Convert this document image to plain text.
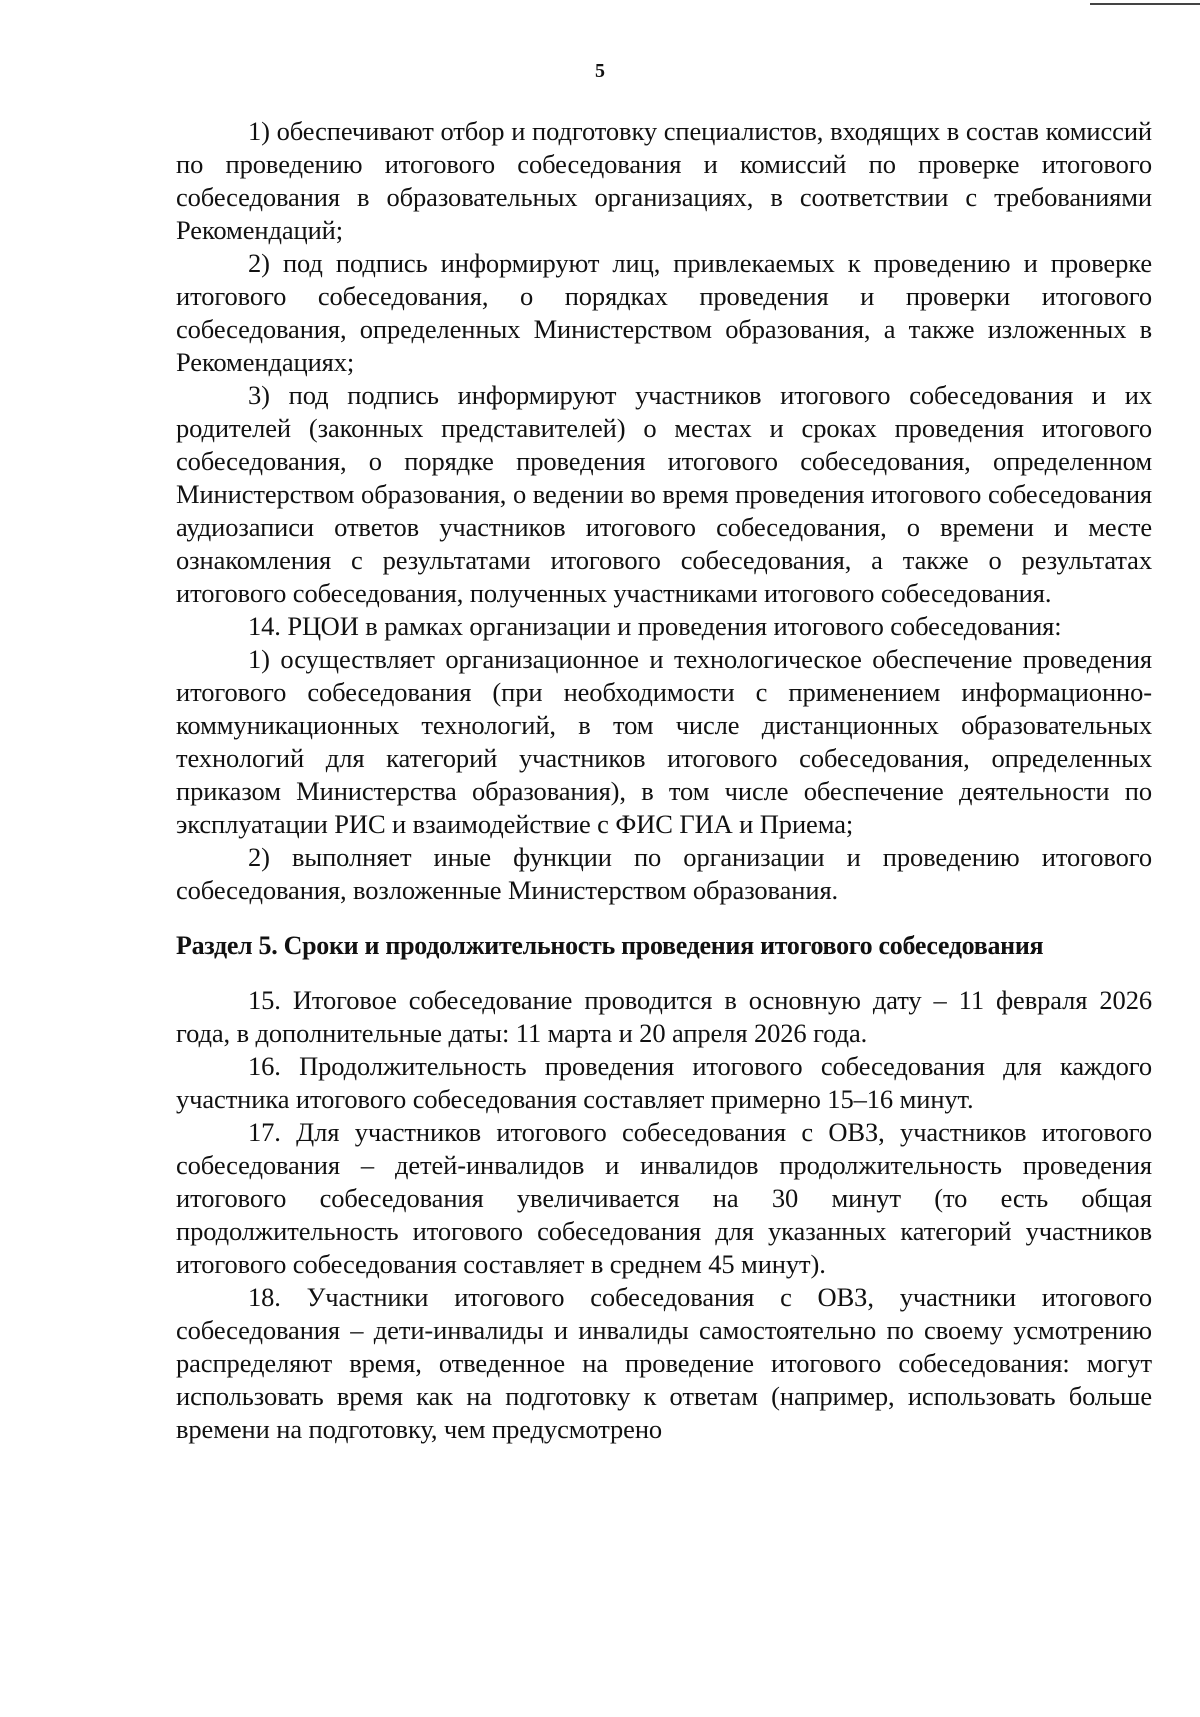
5

1) обеспечивают отбор и подготовку специалистов, входящих в состав комиссий по проведению итогового собеседования и комиссий по проверке итогового собеседования в образовательных организациях, в соответствии с требованиями Рекомендаций;

2) под подпись информируют лиц, привлекаемых к проведению и проверке итогового собеседования, о порядках проведения и проверки итогового собеседования, определенных Министерством образования, а также изложенных в Рекомендациях;

3) под подпись информируют участников итогового собеседования и их родителей (законных представителей) о местах и сроках проведения итогового собеседования, о порядке проведения итогового собеседования, определенном Министерством образования, о ведении во время проведения итогового собеседования аудиозаписи ответов участников итогового собеседования, о времени и месте ознакомления с результатами итогового собеседования, а также о результатах итогового собеседования, полученных участниками итогового собеседования.

14. РЦОИ в рамках организации и проведения итогового собеседования:

1) осуществляет организационное и технологическое обеспечение проведения итогового собеседования (при необходимости с применением информационно-коммуникационных технологий, в том числе дистанционных образовательных технологий для категорий участников итогового собеседования, определенных приказом Министерства образования), в том числе обеспечение деятельности по эксплуатации РИС и взаимодействие с ФИС ГИА и Приема;

2) выполняет иные функции по организации и проведению итогового собеседования, возложенные Министерством образования.

Раздел 5. Сроки и продолжительность проведения итогового собеседования

15. Итоговое собеседование проводится в основную дату – 11 февраля 2026 года, в дополнительные даты: 11 марта и 20 апреля 2026 года.

16. Продолжительность проведения итогового собеседования для каждого участника итогового собеседования составляет примерно 15–16 минут.

17. Для участников итогового собеседования с ОВЗ, участников итогового собеседования – детей-инвалидов и инвалидов продолжительность проведения итогового собеседования увеличивается на 30 минут (то есть общая продолжительность итогового собеседования для указанных категорий участников итогового собеседования составляет в среднем 45 минут).

18. Участники итогового собеседования с ОВЗ, участники итогового собеседования – дети-инвалиды и инвалиды самостоятельно по своему усмотрению распределяют время, отведенное на проведение итогового собеседования: могут использовать время как на подготовку к ответам (например, использовать больше времени на подготовку, чем предусмотрено
